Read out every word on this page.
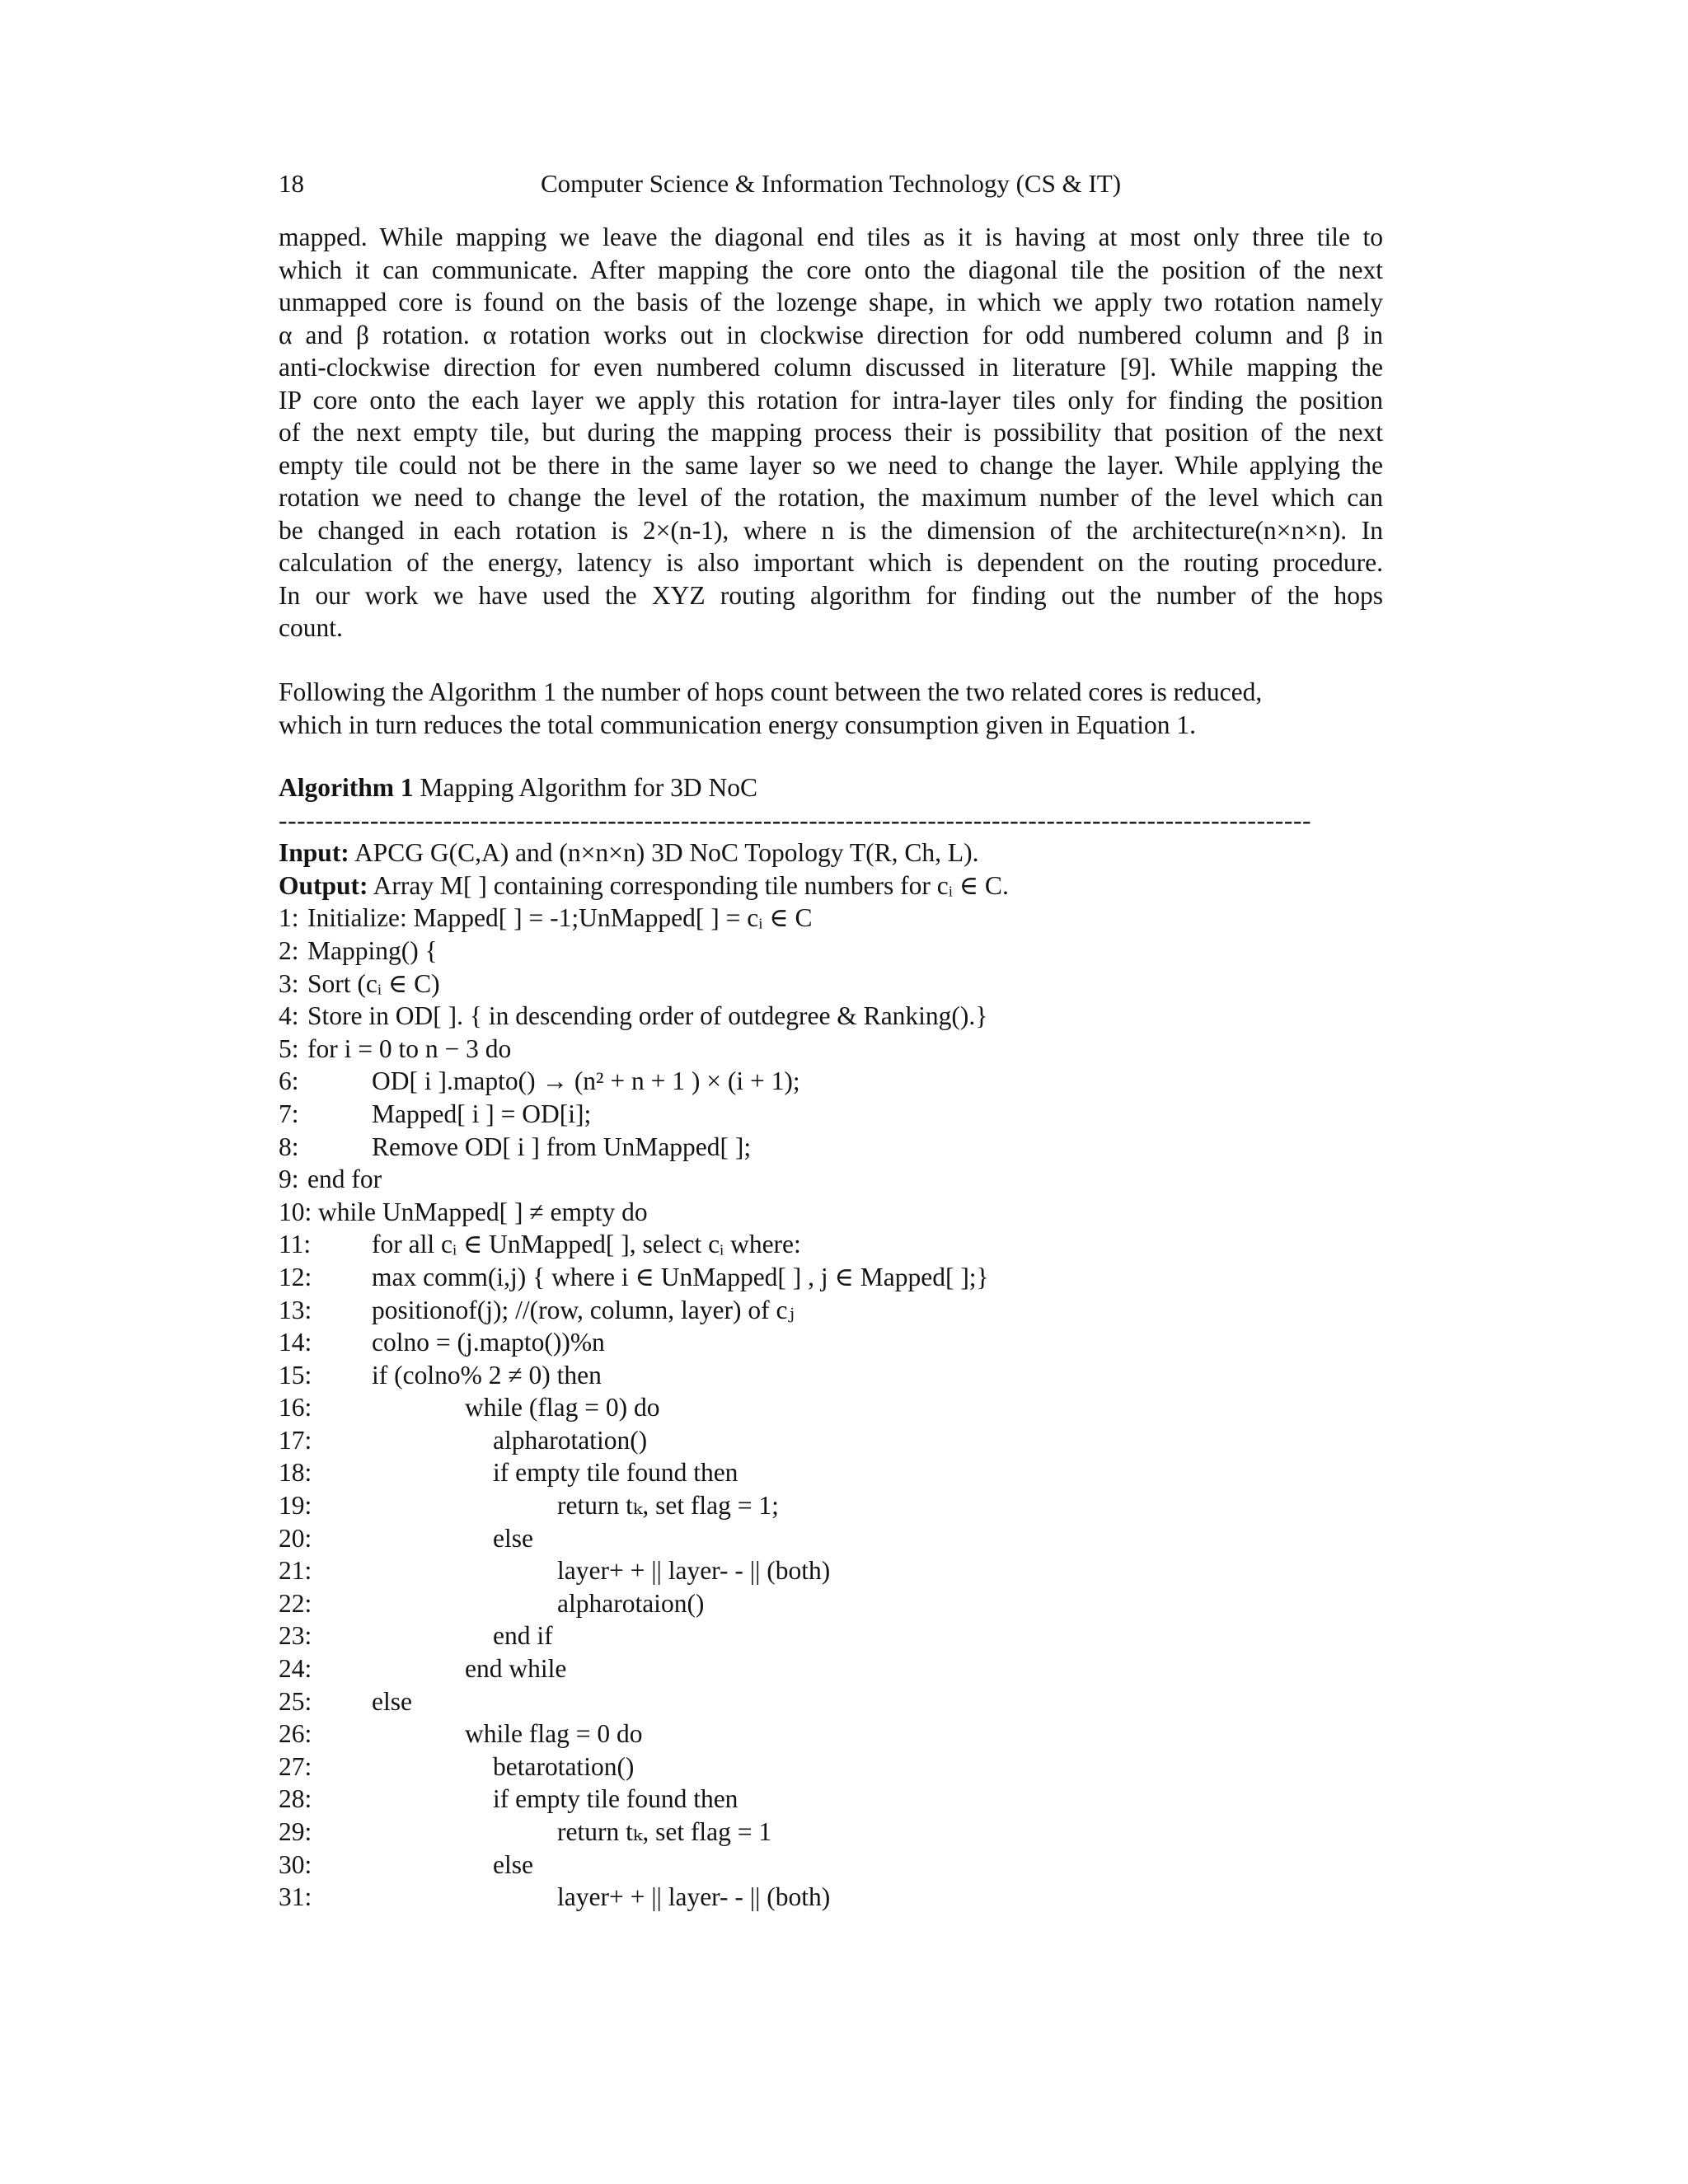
18	Computer Science & Information Technology (CS & IT)
mapped. While mapping we leave the diagonal end tiles as it is having at most only three tile to
which it can communicate. After mapping the core onto the diagonal tile the position of the next
unmapped core is found on the basis of the lozenge shape, in which we apply two rotation namely
α and β rotation. α rotation works out in clockwise direction for odd numbered column and β in
anti-clockwise direction for even numbered column discussed in literature [9]. While mapping the
IP core onto the each layer we apply this rotation for intra-layer tiles only for finding the position
of the next empty tile, but during the mapping process their is possibility that position of the next
empty tile could not be there in the same layer so we need to change the layer. While applying the
rotation we need to change the level of the rotation, the maximum number of the level which can
be changed in each rotation is 2×(n-1), where n is the dimension of the architecture(n×n×n). In
calculation of the energy, latency is also important which is dependent on the routing procedure.
In our work we have used the XYZ routing algorithm for finding out the number of the hops
count.
Following the Algorithm 1 the number of hops count between the two related cores is reduced,
which in turn reduces the total communication energy consumption given in Equation 1.
Algorithm 1 Mapping Algorithm for 3D NoC
-----------------------------------------------------------------------------------------------------------------
Input: APCG G(C,A) and (n×n×n) 3D NoC Topology T(R, Ch, L).
Output: Array M[ ] containing corresponding tile numbers for cᵢ ∈ C.
1: Initialize: Mapped[ ] = -1;UnMapped[ ] = cᵢ ∈ C
2: Mapping() {
3: Sort (cᵢ ∈ C)
4: Store in OD[ ]. { in descending order of outdegree & Ranking().}
5: for i = 0 to n − 3 do
6:	OD[ i ].mapto() → (n² + n + 1 ) × (i + 1);
7:	Mapped[ i ] = OD[i];
8:	Remove OD[ i ] from UnMapped[ ];
9: end for
10: while UnMapped[ ] ≠ empty do
11: for all cᵢ ∈ UnMapped[ ], select cᵢ where:
12: max comm(i,j) { where i ∈ UnMapped[ ] , j ∈ Mapped[ ];}
13: positionof(j); //(row, column, layer) of cⱼ
14: colno = (j.mapto())%n
15: if (colno% 2 ≠ 0) then
16:	while (flag = 0) do
17:	alpharotation()
18:	if empty tile found then
19:	return tₖ, set flag = 1;
20:	else
21:	layer+ + || layer- - || (both)
22:	alpharotaion()
23:	end if
24:	end while
25: else
26:	while flag = 0 do
27:	betarotation()
28:	if empty tile found then
29:	return tₖ, set flag = 1
30:	else
31:	layer+ + || layer- - || (both)
